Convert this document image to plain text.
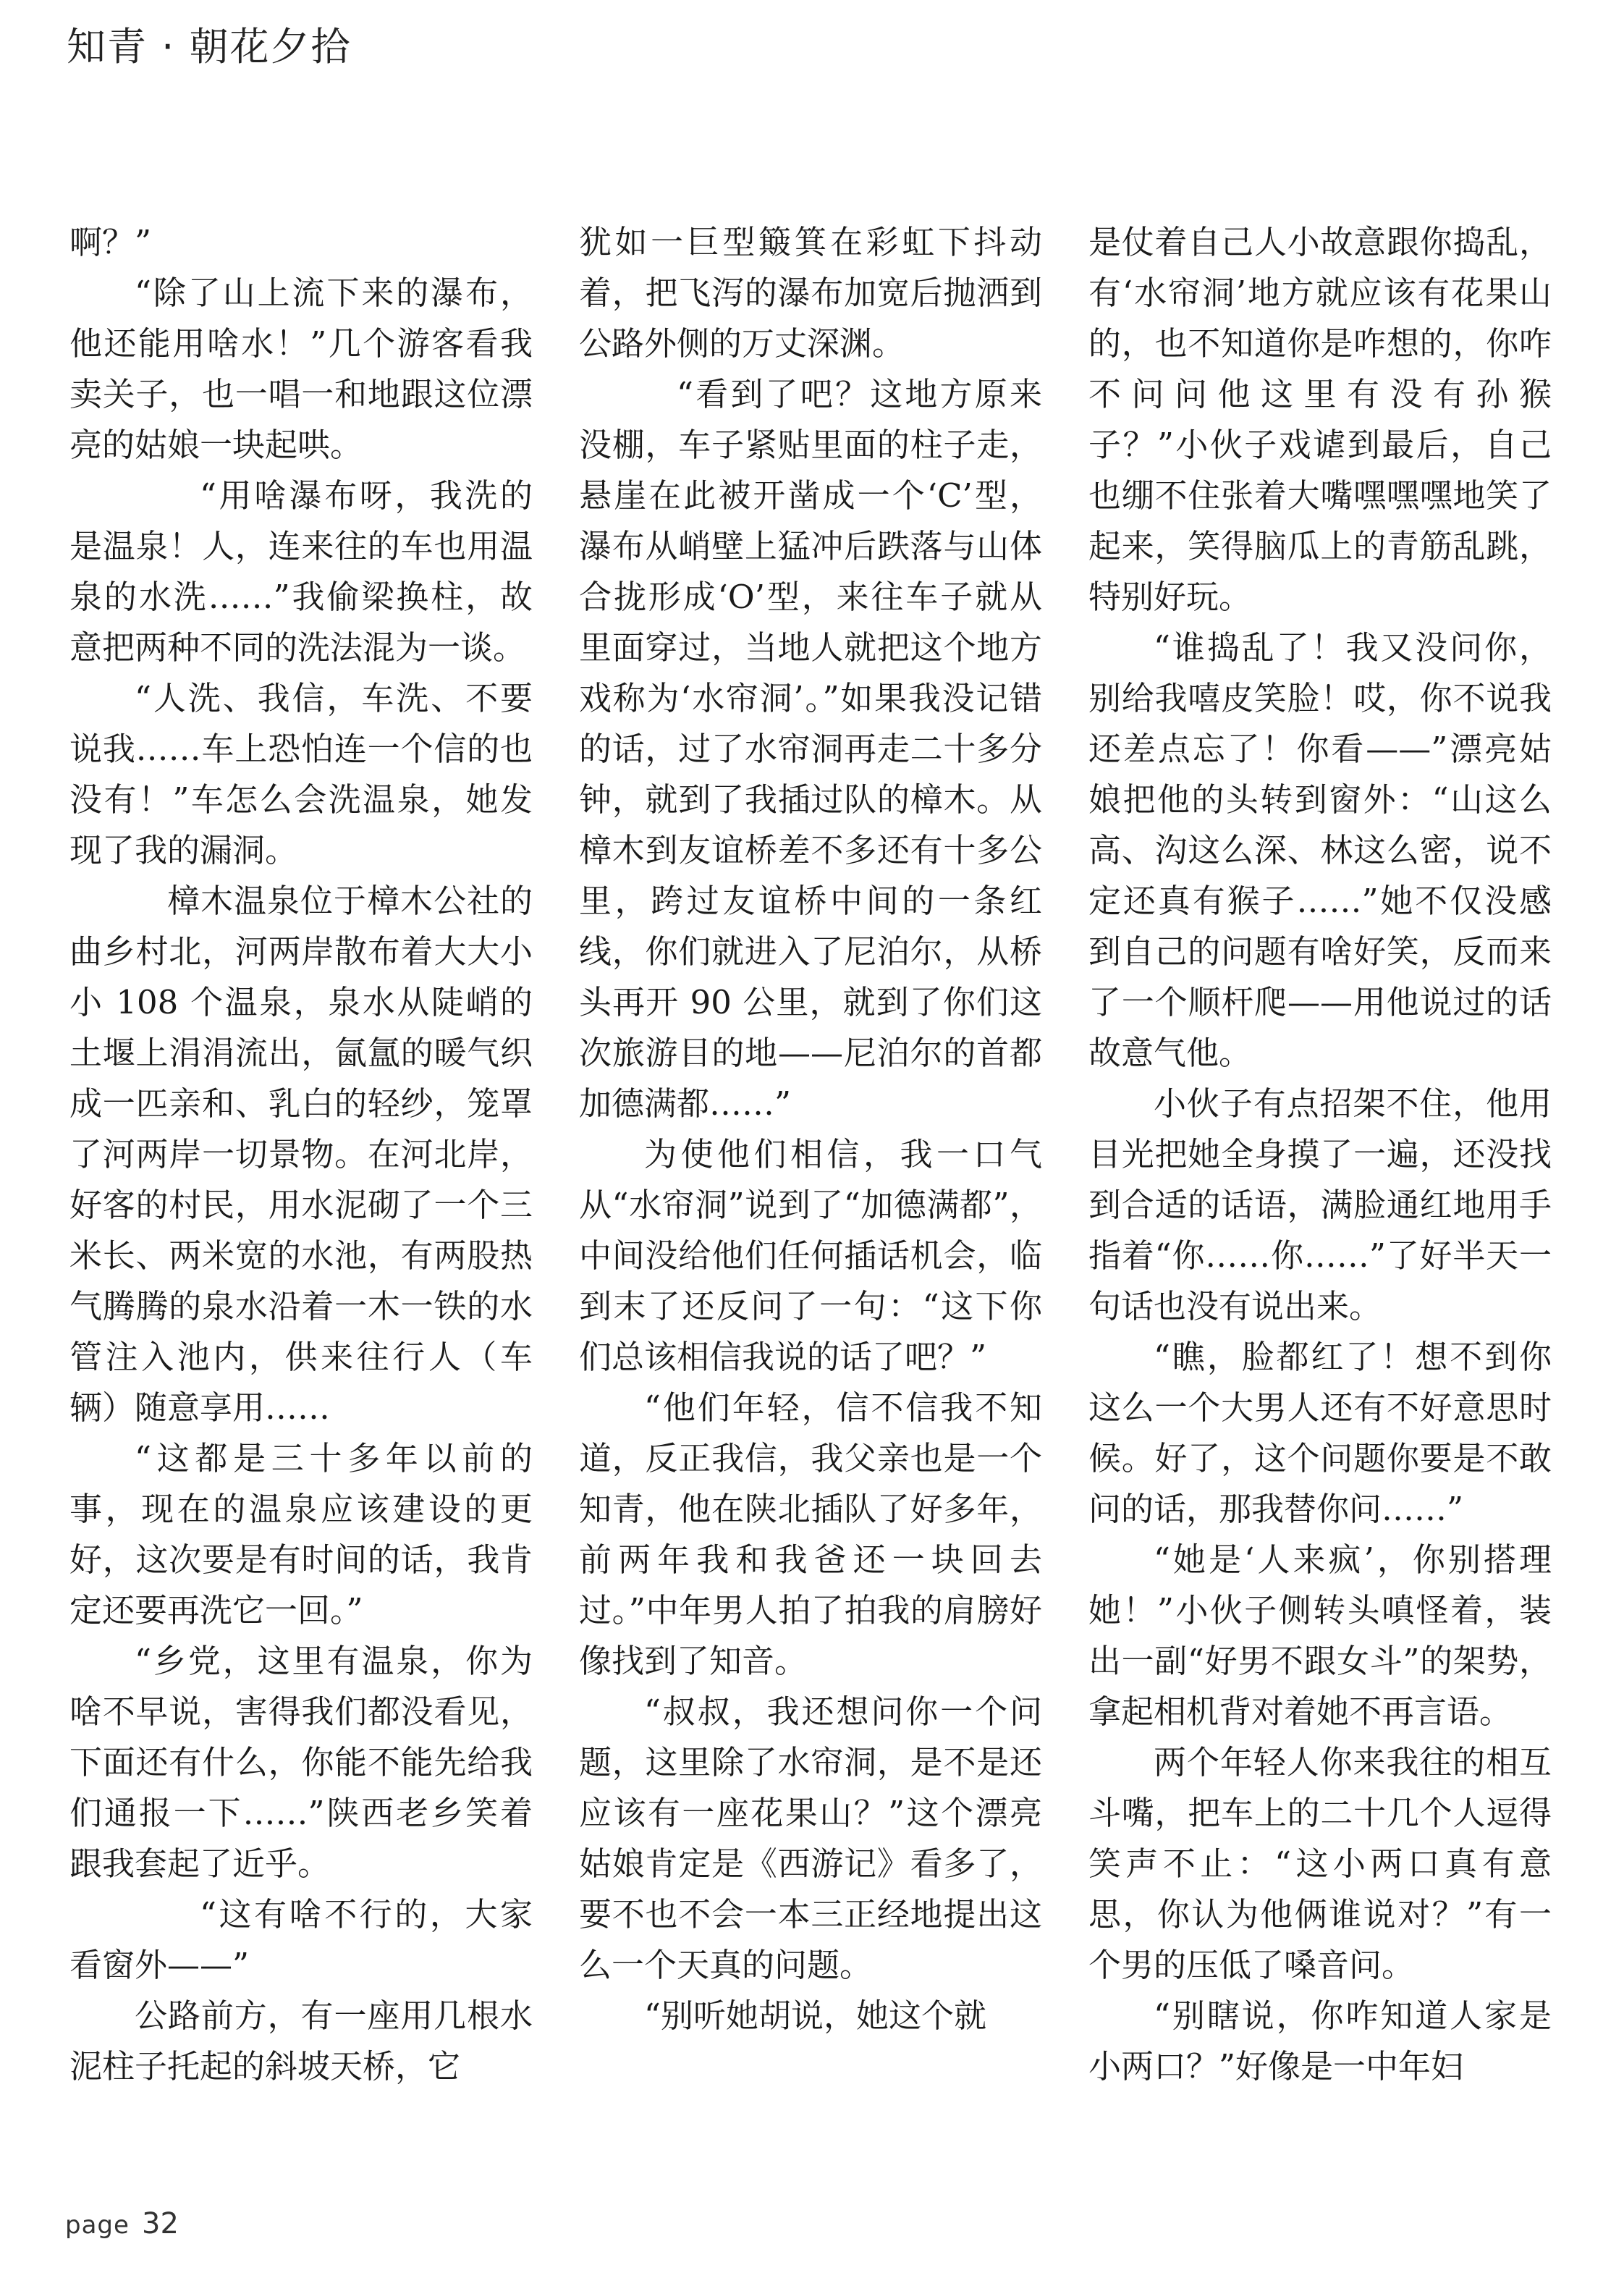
知青 · 朝花夕拾

啊？”

“除了山上流下来的瀑布，他还能用啥水！”几个游客看我卖关子，也一唱一和地跟这位漂亮的姑娘一块起哄。

“用啥瀑布呀，我洗的是温泉！人，连来往的车也用温泉的水洗……”我偷梁换柱，故意把两种不同的洗法混为一谈。

“人洗、我信，车洗、不要说我……车上恐怕连一个信的也没有！”车怎么会洗温泉，她发现了我的漏洞。

樟木温泉位于樟木公社的曲乡村北，河两岸散布着大大小小 108 个温泉，泉水从陡峭的土堰上涓涓流出，氤氲的暖气织成一匹亲和、乳白的轻纱，笼罩了河两岸一切景物。在河北岸，好客的村民，用水泥砌了一个三米长、两米宽的水池，有两股热气腾腾的泉水沿着一木一铁的水管注入池内，供来往行人（车辆）随意享用……

“这都是三十多年以前的事，现在的温泉应该建设的更好，这次要是有时间的话，我肯定还要再洗它一回。”

“乡党，这里有温泉，你为啥不早说，害得我们都没看见，下面还有什么，你能不能先给我们通报一下……”陕西老乡笑着跟我套起了近乎。

“这有啥不行的，大家看窗外——”

公路前方，有一座用几根水泥柱子托起的斜坡天桥，它

犹如一巨型簸箕在彩虹下抖动着，把飞泻的瀑布加宽后抛洒到公路外侧的万丈深渊。

“看到了吧？这地方原来没棚，车子紧贴里面的柱子走，悬崖在此被开凿成一个‘C’型，瀑布从峭壁上猛冲后跌落与山体合拢形成‘O’型，来往车子就从里面穿过，当地人就把这个地方戏称为‘水帘洞’。”如果我没记错的话，过了水帘洞再走二十多分钟，就到了我插过队的樟木。从樟木到友谊桥差不多还有十多公里，跨过友谊桥中间的一条红线，你们就进入了尼泊尔，从桥头再开 90 公里，就到了你们这次旅游目的地——尼泊尔的首都加德满都……”

为使他们相信，我一口气从“水帘洞”说到了“加德满都”，中间没给他们任何插话机会，临到末了还反问了一句：“这下你们总该相信我说的话了吧？”

“他们年轻，信不信我不知道，反正我信，我父亲也是一个知青，他在陕北插队了好多年，前两年我和我爸还一块回去过。”中年男人拍了拍我的肩膀好像找到了知音。

“叔叔，我还想问你一个问题，这里除了水帘洞，是不是还应该有一座花果山？”这个漂亮姑娘肯定是《西游记》看多了，要不也不会一本三正经地提出这么一个天真的问题。

“别听她胡说，她这个就

是仗着自己人小故意跟你捣乱，有‘水帘洞’地方就应该有花果山的，也不知道你是咋想的，你咋不问问他这里有没有孙猴子？”小伙子戏谑到最后，自己也绷不住张着大嘴嘿嘿嘿地笑了起来，笑得脑瓜上的青筋乱跳，特别好玩。

“谁捣乱了！我又没问你，别给我嘻皮笑脸！哎，你不说我还差点忘了！你看——”漂亮姑娘把他的头转到窗外：“山这么高、沟这么深、林这么密，说不定还真有猴子……”她不仅没感到自己的问题有啥好笑，反而来了一个顺杆爬——用他说过的话故意气他。

小伙子有点招架不住，他用目光把她全身摸了一遍，还没找到合适的话语，满脸通红地用手指着“你……你……”了好半天一句话也没有说出来。

“瞧，脸都红了！想不到你这么一个大男人还有不好意思时候。好了，这个问题你要是不敢问的话，那我替你问……”

“她是‘人来疯’，你别搭理她！”小伙子侧转头嗔怪着，装出一副“好男不跟女斗”的架势，拿起相机背对着她不再言语。

两个年轻人你来我往的相互斗嘴，把车上的二十几个人逗得笑声不止：“这小两口真有意思，你认为他俩谁说对？”有一个男的压低了嗓音问。

“别瞎说，你咋知道人家是小两口？”好像是一中年妇

page 32
